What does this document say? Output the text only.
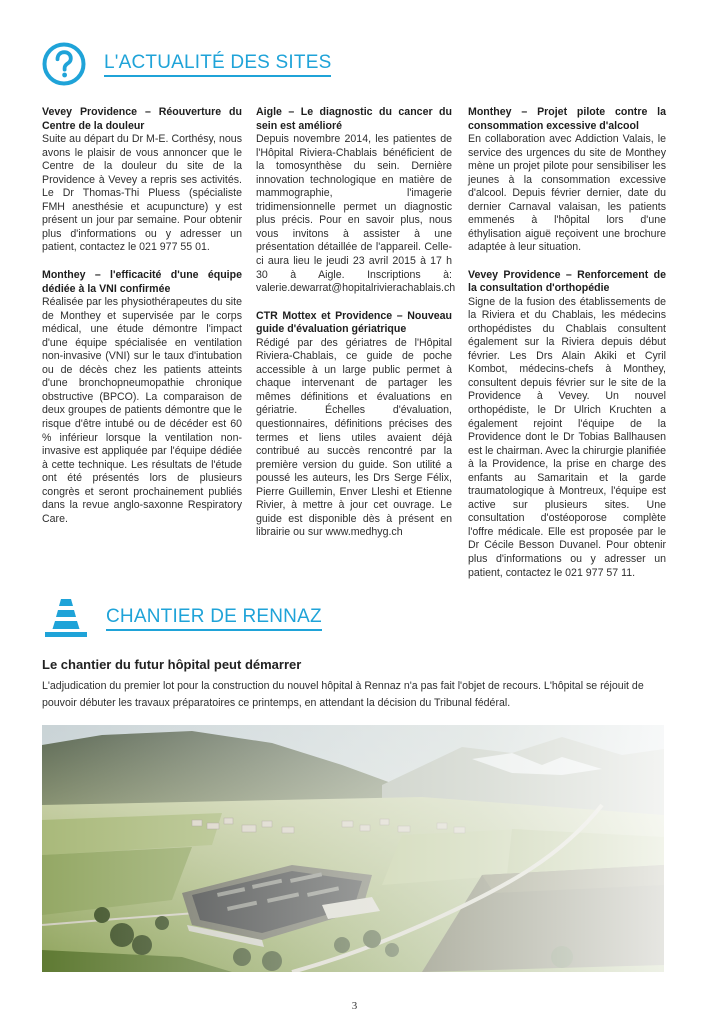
L'ACTUALITÉ DES SITES
Vevey Providence – Réouverture du Centre de la douleur
Suite au départ du Dr M-E. Corthésy, nous avons le plaisir de vous annoncer que le Centre de la douleur du site de la Providence à Vevey a repris ses activités. Le Dr Thomas-Thi Pluess (spécialiste FMH anesthésie et acupuncture) y est présent un jour par semaine. Pour obtenir plus d'informations ou y adresser un patient, contactez le 021 977 55 01.
Monthey – l'efficacité d'une équipe dédiée à la VNI confirmée
Réalisée par les physiothérapeutes du site de Monthey et supervisée par le corps médical, une étude démontre l'impact d'une équipe spécialisée en ventilation non-invasive (VNI) sur le taux d'intubation ou de décès chez les patients atteints d'une bronchopneumopathie chronique obstructive (BPCO). La comparaison de deux groupes de patients démontre que le risque d'être intubé ou de décéder est 60 % inférieur lorsque la ventilation non-invasive est appliquée par l'équipe dédiée à cette technique. Les résultats de l'étude ont été présentés lors de plusieurs congrès et seront prochainement publiés dans la revue anglo-saxonne Respiratory Care.
Aigle – Le diagnostic du cancer du sein est amélioré
Depuis novembre 2014, les patientes de l'Hôpital Riviera-Chablais bénéficient de la tomosynthèse du sein. Dernière innovation technologique en matière de mammographie, l'imagerie tridimensionnelle permet un diagnostic plus précis. Pour en savoir plus, nous vous invitons à assister à une présentation détaillée de l'appareil. Celle-ci aura lieu le jeudi 23 avril 2015 à 17 h 30 à Aigle. Inscriptions à: valerie.dewarrat@hopitalrivierachablais.ch
CTR Mottex et Providence – Nouveau guide d'évaluation gériatrique
Rédigé par des gériatres de l'Hôpital Riviera-Chablais, ce guide de poche accessible à un large public permet à chaque intervenant de partager les mêmes définitions et évaluations en gériatrie. Échelles d'évaluation, questionnaires, définitions précises des termes et liens utiles avaient déjà contribué au succès rencontré par la première version du guide. Son utilité a poussé les auteurs, les Drs Serge Félix, Pierre Guillemin, Enver Lleshi et Etienne Rivier, à mettre à jour cet ouvrage. Le guide est disponible dès à présent en librairie ou sur www.medhyg.ch
Monthey – Projet pilote contre la consommation excessive d'alcool
En collaboration avec Addiction Valais, le service des urgences du site de Monthey mène un projet pilote pour sensibiliser les jeunes à la consommation excessive d'alcool. Depuis février dernier, date du dernier Carnaval valaisan, les patients emmenés à l'hôpital lors d'une éthylisation aiguë reçoivent une brochure adaptée à leur situation.
Vevey Providence – Renforcement de la consultation d'orthopédie
Signe de la fusion des établissements de la Riviera et du Chablais, les médecins orthopédistes du Chablais consultent également sur la Riviera depuis début février. Les Drs Alain Akiki et Cyril Kombot, médecins-chefs à Monthey, consultent depuis février sur le site de la Providence à Vevey. Un nouvel orthopédiste, le Dr Ulrich Kruchten a également rejoint l'équipe de la Providence dont le Dr Tobias Ballhausen est le chairman. Avec la chirurgie planifiée à la Providence, la prise en charge des enfants au Samaritain et la garde traumatologique à Montreux, l'équipe est active sur plusieurs sites. Une consultation d'ostéoporose complète l'offre médicale. Elle est proposée par le Dr Cécile Besson Duvanel. Pour obtenir plus d'informations ou y adresser un patient, contactez le 021 977 57 11.
CHANTIER DE RENNAZ
Le chantier du futur hôpital peut démarrer
L'adjudication du premier lot pour la construction du nouvel hôpital à Rennaz n'a pas fait l'objet de recours. L'hôpital se réjouit de pouvoir débuter les travaux préparatoires ce printemps, en attendant la décision du Tribunal fédéral.
3
